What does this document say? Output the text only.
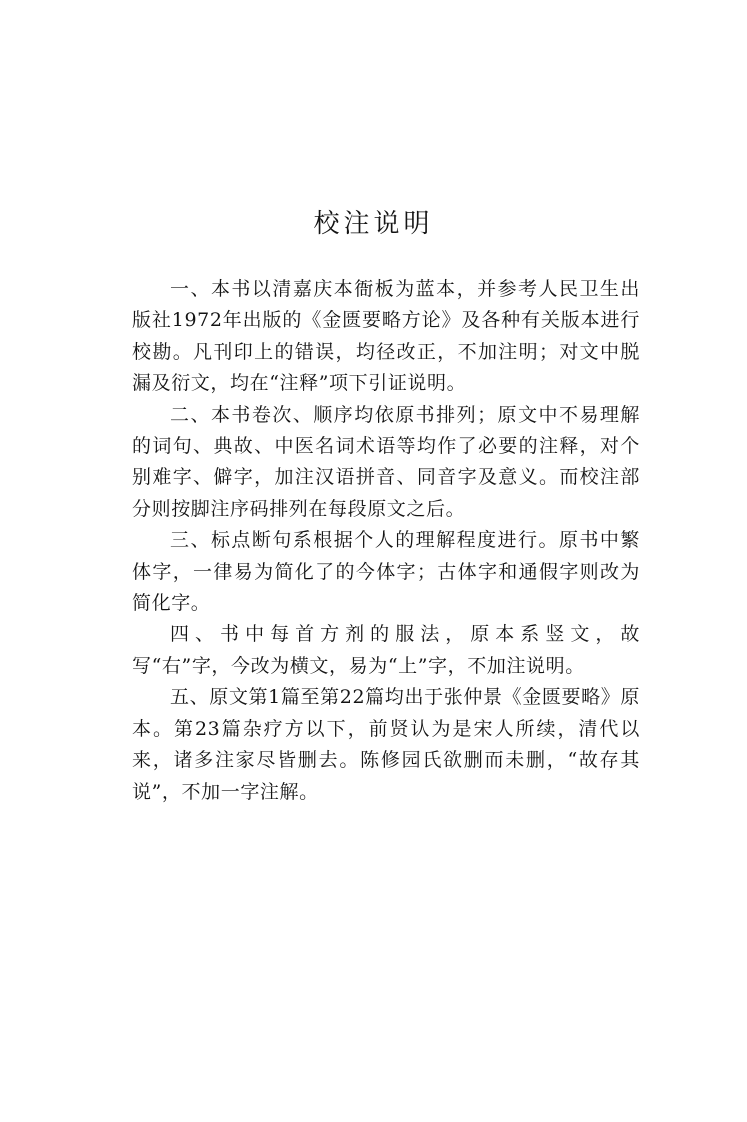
校注说明

一、本书以清嘉庆本衙板为蓝本，并参考人民卫生出版社1972年出版的《金匮要略方论》及各种有关版本进行校勘。凡刊印上的错误，均径改正，不加注明；对文中脱漏及衍文，均在“注释”项下引证说明。

二、本书卷次、顺序均依原书排列；原文中不易理解的词句、典故、中医名词术语等均作了必要的注释，对个别难字、僻字，加注汉语拼音、同音字及意义。而校注部分则按脚注序码排列在每段原文之后。

三、标点断句系根据个人的理解程度进行。原书中繁体字，一律易为简化了的今体字；古体字和通假字则改为简化字。

四、书中每首方剂的服法，原本系竖文，故写“右”字，今改为横文，易为“上”字，不加注说明。

五、原文第1篇至第22篇均出于张仲景《金匮要略》原本。第23篇杂疗方以下，前贤认为是宋人所续，清代以来，诸多注家尽皆删去。陈修园氏欲删而未删，“故存其说”，不加一字注解。
